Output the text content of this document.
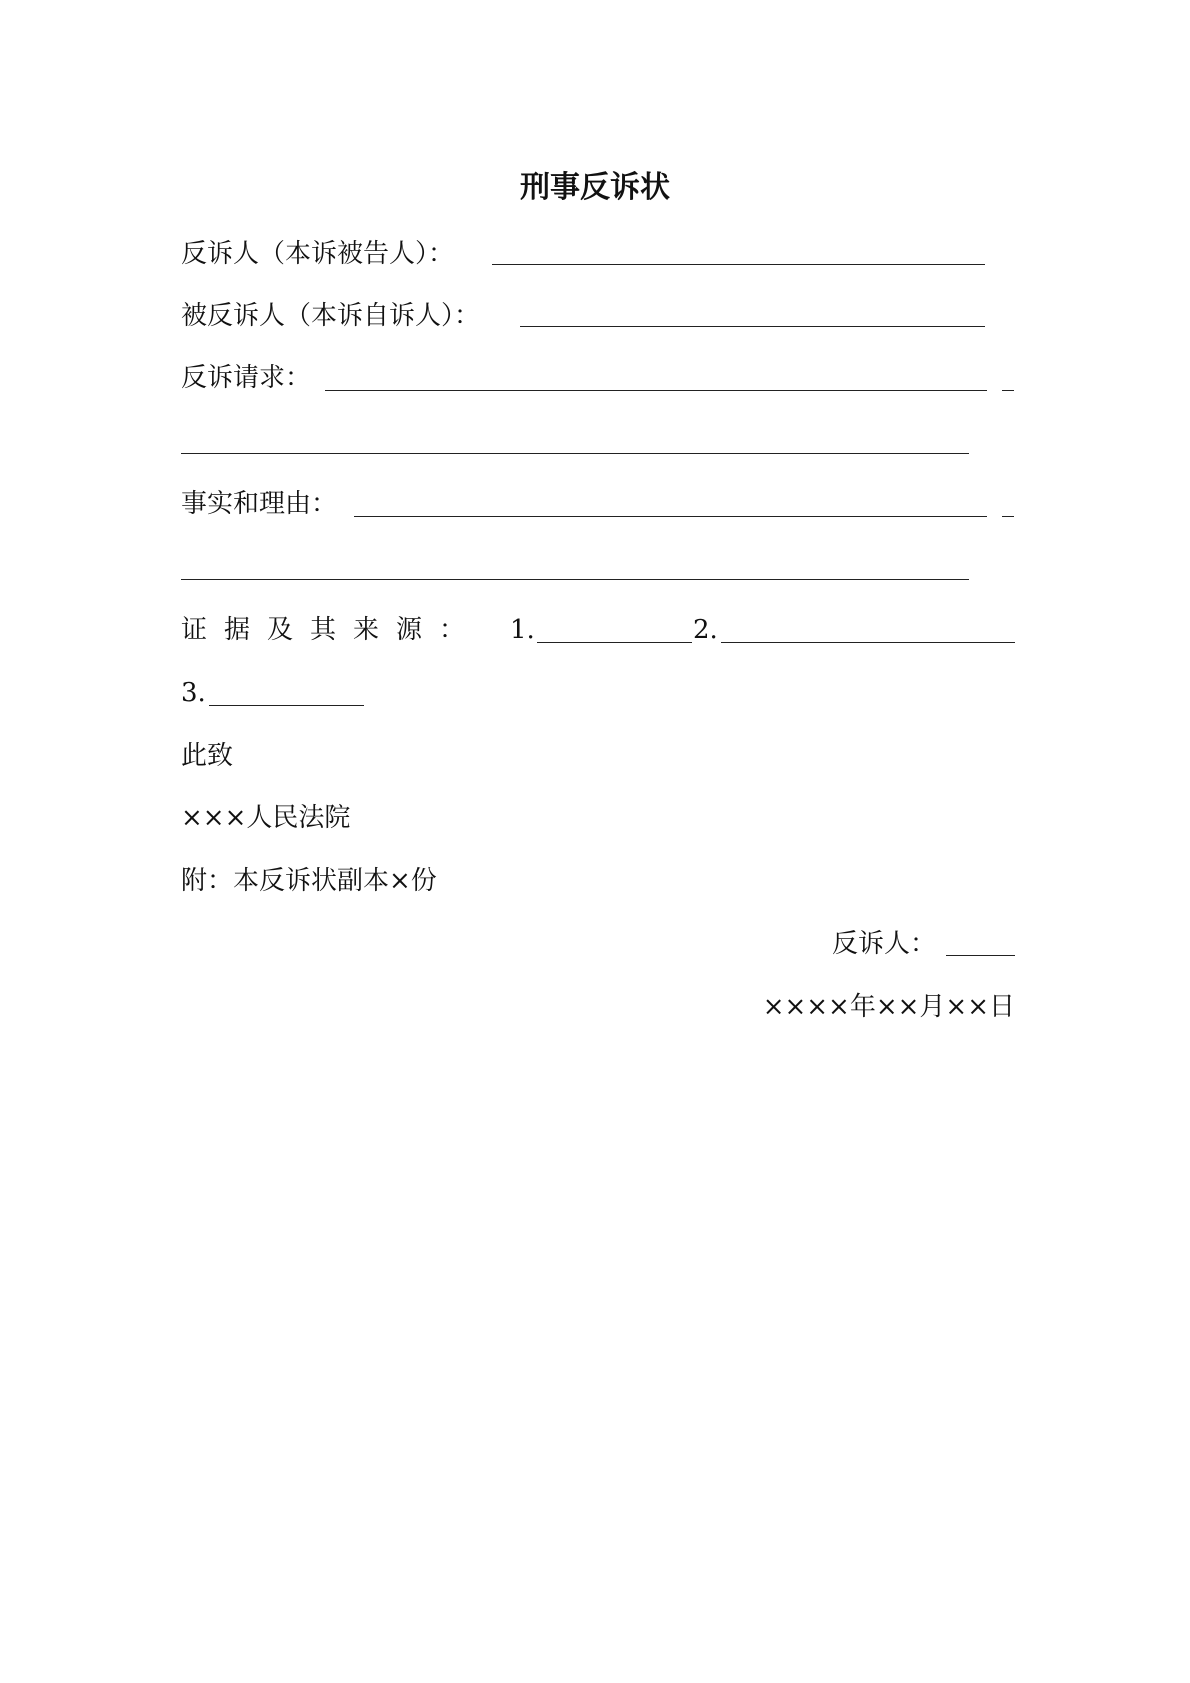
刑事反诉状
反诉人（本诉被告人）：
被反诉人（本诉自诉人）：
反诉请求：
事实和理由：
证据及其来源： 1.	2.
3.
此致
×××人民法院
附：本反诉状副本×份
反诉人：
××××年××月××日
